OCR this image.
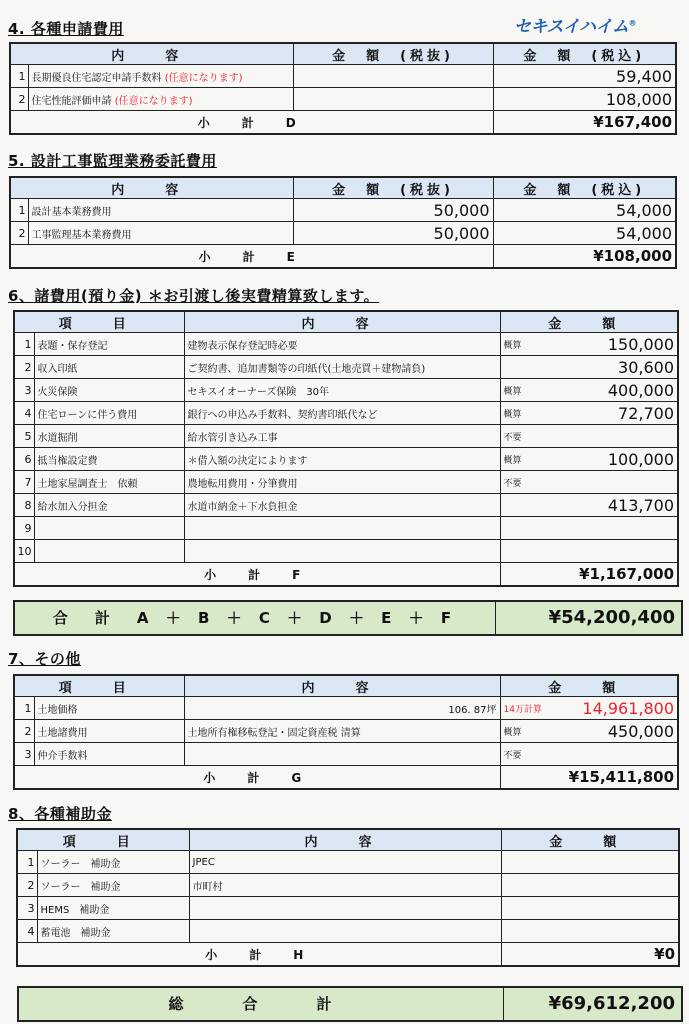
セキスイハイム®
4. 各種申請費用
内　容		金　額　(税抜)	金　額　(税込)
1	長期優良住宅認定申請手数料 (任意になります)		59,400
2	住宅性能評価申請 (任意になります)		108,000
小　計　D			¥167,400
5. 設計工事監理業務委託費用
内　容		金　額　(税抜)	金　額　(税込)
1	設計基本業務費用	50,000	54,000
2	工事監理基本業務費用	50,000	54,000
小　計　E			¥108,000
6、諸費用(預り金) ＊お引渡し後実費精算致します。
項　目		内　容	金　額
1	表題・保存登記	建物表示保存登記時必要	概算 150,000

2	収入印紙	ご契約書、追加書類等の印紙代(土地売買＋建物請負)	30,600

3	火災保険	セキスイオーナーズ保険　30年	概算 400,000

4	住宅ローンに伴う費用	銀行への申込み手数料、契約書印紙代など	概算 72,700

5	水道掘削	給水管引き込み工事	不要

6	抵当権設定費	＊借入額の決定によります	概算 100,000

7	土地家屋調査士　依頼	農地転用費用・分筆費用	不要

8	給水加入分担金	水道市納金＋下水負担金	413,700

9			

10			

小　計　F			¥1,167,000
合　計　A ＋ B ＋ C ＋ D ＋ E ＋ F	¥54,200,400
7、その他
項　目		内　容	金　額
1	土地価格	106. 87坪	14万計算 14,961,800

2	土地諸費用	土地所有権移転登記・固定資産税 清算	概算 450,000

3	仲介手数料		不要

小　計　G			¥15,411,800
8、各種補助金
項　目		内　容	金　額
1	ソーラー　補助金	JPEC	

2	ソーラー　補助金	市町村	

3	HEMS　補助金		

4	蓄電池　補助金		

小　計　H			¥0
総　合　計	¥69,612,200
